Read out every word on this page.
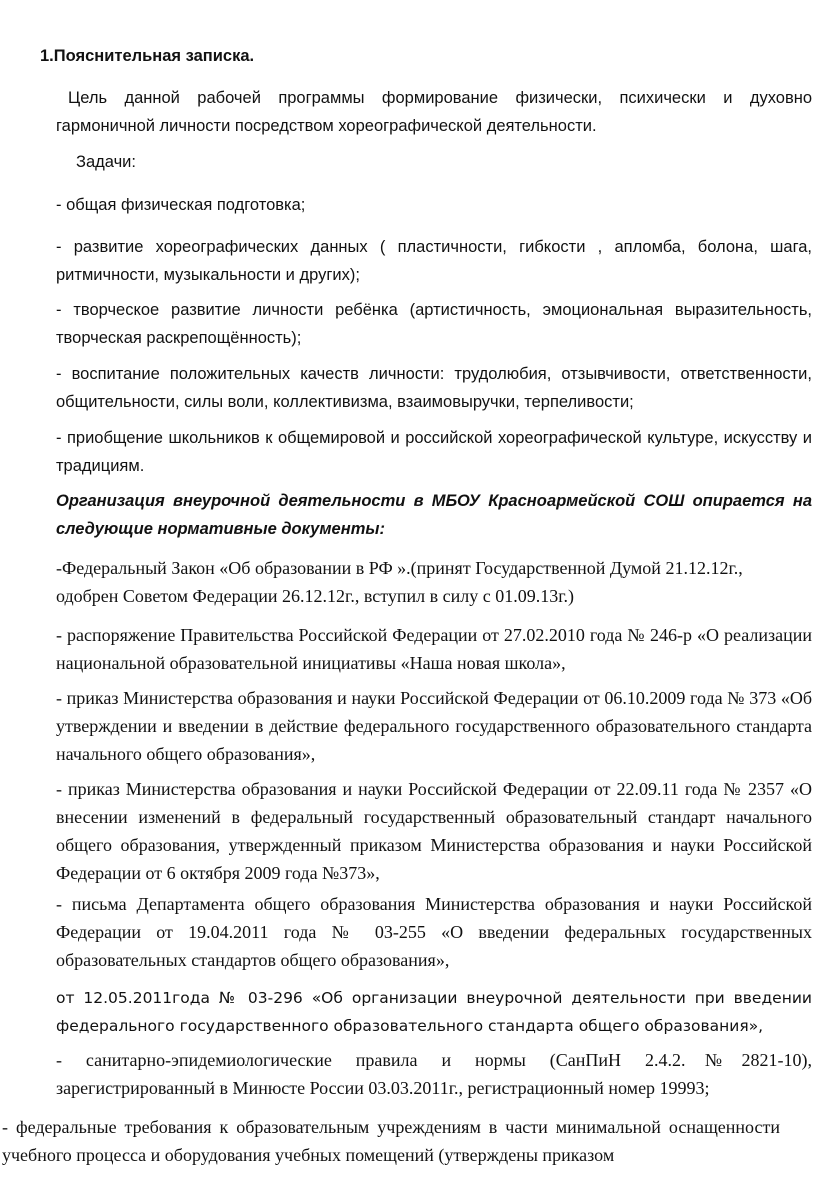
1.Пояснительная записка.

Цель данной рабочей программы формирование физически, психически и духовно гармоничной личности посредством хореографической деятельности.

Задачи:

- общая физическая подготовка;

- развитие хореографических данных ( пластичности, гибкости , апломба, болона, шага, ритмичности, музыкальности и других);

- творческое развитие личности ребёнка (артистичность, эмоциональная выразительность, творческая раскрепощённость);

- воспитание положительных качеств личности: трудолюбия, отзывчивости, ответственности, общительности, силы воли, коллективизма, взаимовыручки, терпеливости;

- приобщение школьников к общемировой и российской хореографической культуре, искусству и традициям.

Организация внеурочной деятельности в МБОУ Красноармейской СОШ опирается на следующие нормативные документы:

-Федеральный Закон «Об образовании в РФ ».(принят Государственной Думой 21.12.12г., одобрен Советом Федерации 26.12.12г., вступил в силу с 01.09.13г.)

- распоряжение Правительства Российской Федерации от 27.02.2010 года № 246-р «О реализации национальной образовательной инициативы «Наша новая школа»,

- приказ Министерства образования и науки Российской Федерации от 06.10.2009 года № 373 «Об утверждении и введении в действие федерального государственного образовательного стандарта начального общего образования»,

- приказ Министерства образования и науки Российской Федерации от 22.09.11 года № 2357 «О внесении изменений в федеральный государственный образовательный стандарт начального общего образования, утвержденный приказом Министерства образования и науки Российской Федерации от 6 октября 2009 года №373»,

- письма Департамента общего образования Министерства образования и науки Российской Федерации от 19.04.2011 года № 03-255 «О введении федеральных государственных образовательных стандартов общего образования»,

от 12.05.2011года № 03-296 «Об организации внеурочной деятельности при введении федерального государственного образовательного стандарта общего образования»,

- санитарно-эпидемиологические правила и нормы (СанПиН 2.4.2.№2821-10), зарегистрированный в Минюсте России 03.03.2011г., регистрационный номер 19993;

- федеральные требования к образовательным учреждениям в части минимальной оснащенности учебного процесса и оборудования учебных помещений (утверждены приказом
